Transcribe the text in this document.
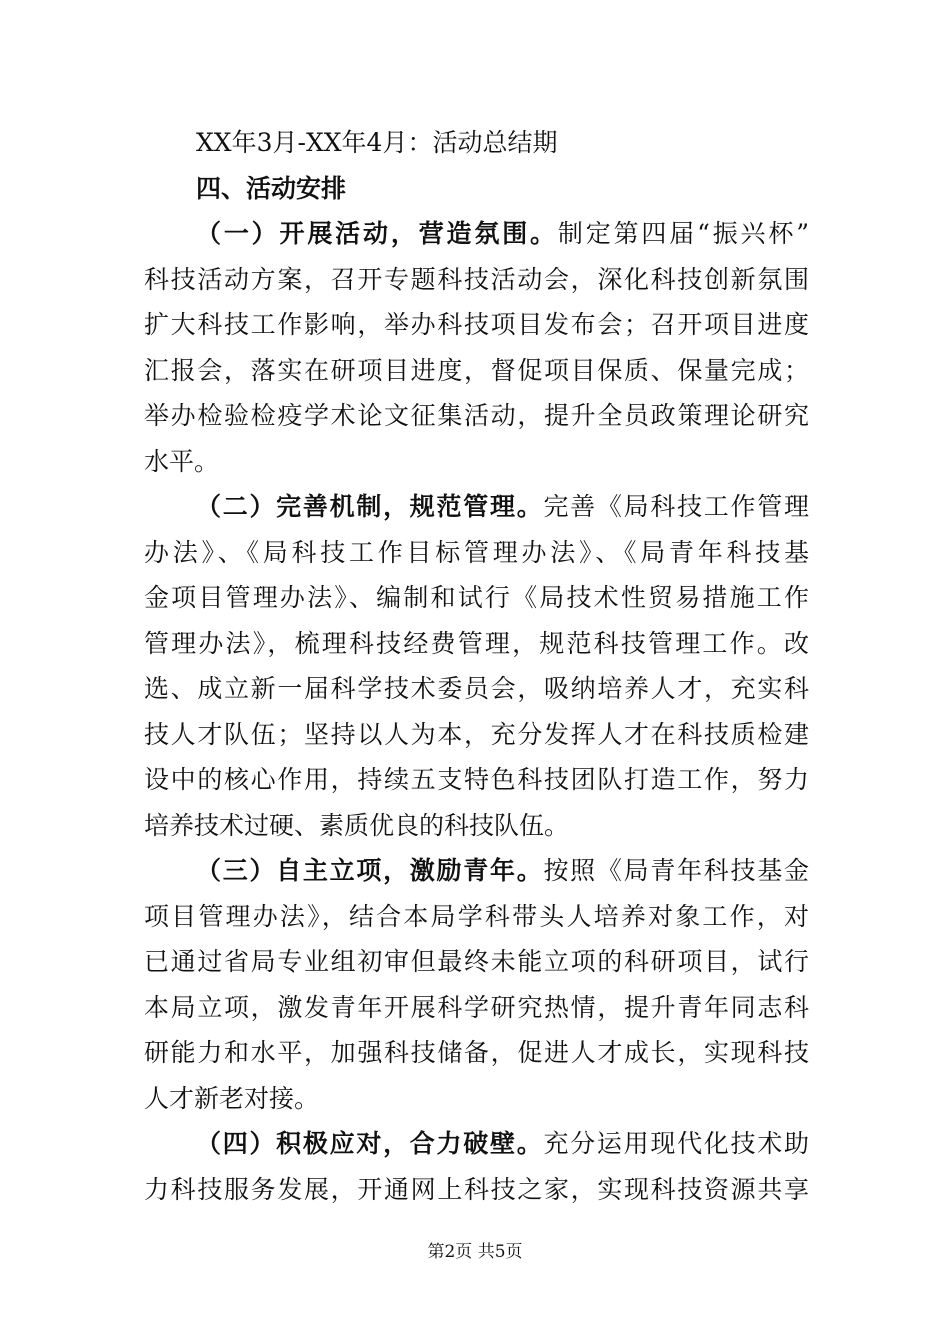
XX年3月-XX年4月：活动总结期
四、活动安排
（一）开展活动，营造氛围。制定第四届“振兴杯”
科技活动方案，召开专题科技活动会，深化科技创新氛围
扩大科技工作影响，举办科技项目发布会；召开项目进度
汇报会，落实在研项目进度，督促项目保质、保量完成；
举办检验检疫学术论文征集活动，提升全员政策理论研究
水平。
（二）完善机制，规范管理。完善《局科技工作管理
办法》、《局科技工作目标管理办法》、《局青年科技基
金项目管理办法》、编制和试行《局技术性贸易措施工作
管理办法》，梳理科技经费管理，规范科技管理工作。改
选、成立新一届科学技术委员会，吸纳培养人才，充实科
技人才队伍；坚持以人为本，充分发挥人才在科技质检建
设中的核心作用，持续五支特色科技团队打造工作，努力
培养技术过硬、素质优良的科技队伍。
（三）自主立项，激励青年。按照《局青年科技基金
项目管理办法》，结合本局学科带头人培养对象工作，对
已通过省局专业组初审但最终未能立项的科研项目，试行
本局立项，激发青年开展科学研究热情，提升青年同志科
研能力和水平，加强科技储备，促进人才成长，实现科技
人才新老对接。
（四）积极应对，合力破壁。充分运用现代化技术助
力科技服务发展，开通网上科技之家，实现科技资源共享
第2页 共5页
